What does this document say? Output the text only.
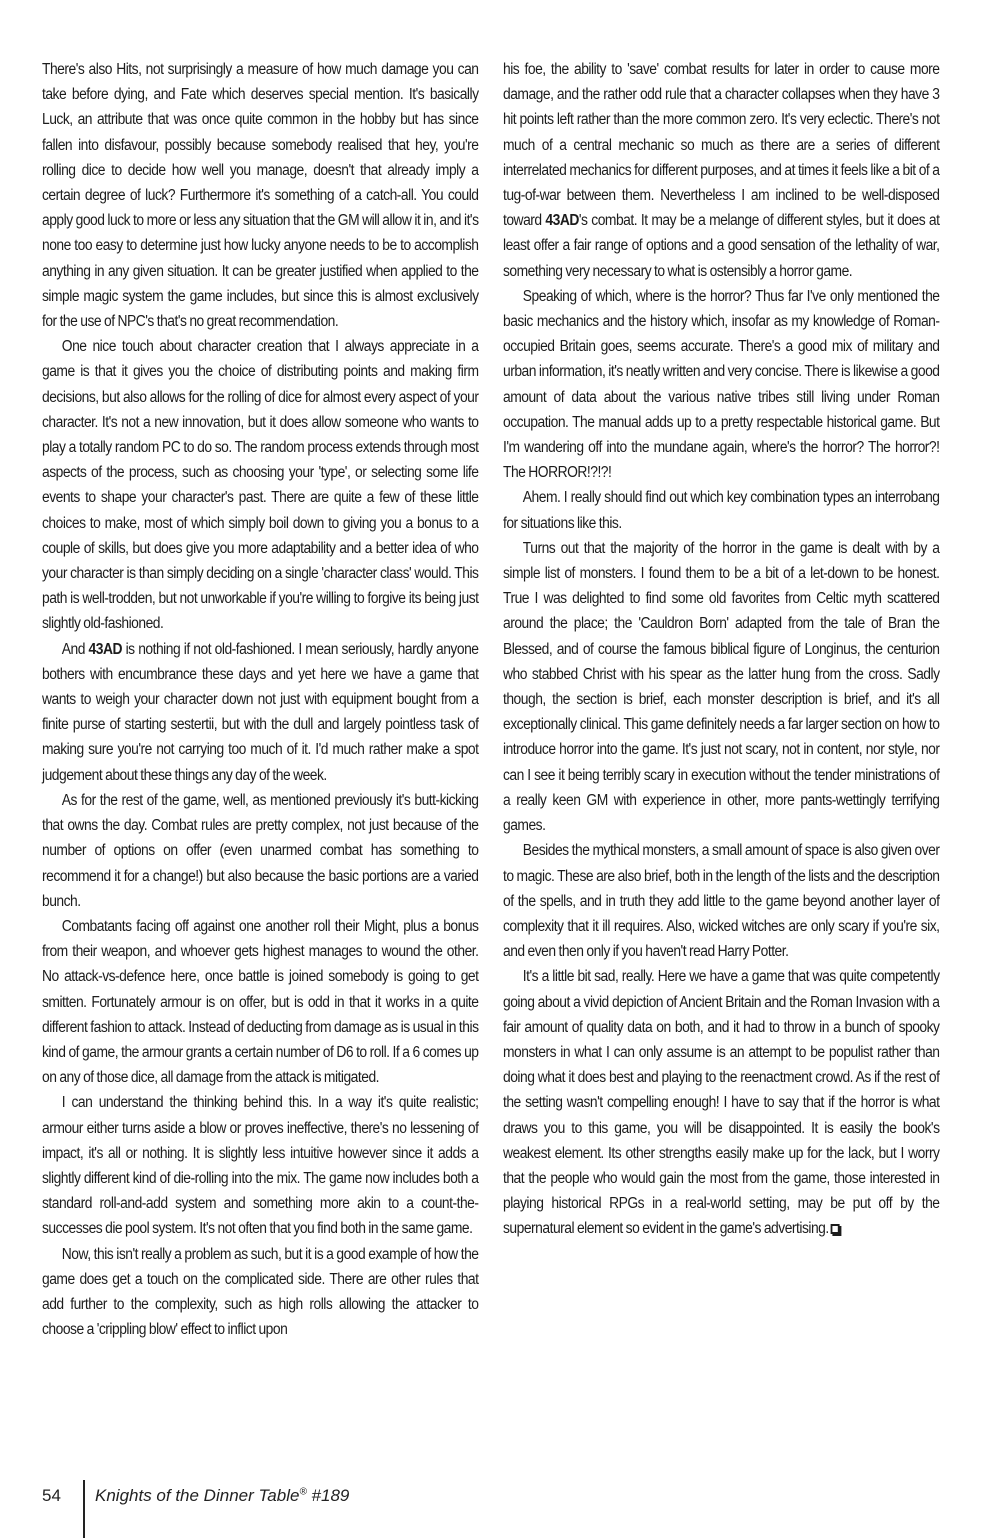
There's also Hits, not surprisingly a measure of how much damage you can take before dying, and Fate which deserves special mention. It's basically Luck, an attribute that was once quite common in the hobby but has since fallen into disfavour, possibly because somebody realised that hey, you're rolling dice to decide how well you manage, doesn't that already imply a certain degree of luck? Furthermore it's something of a catch-all. You could apply good luck to more or less any situation that the GM will allow it in, and it's none too easy to determine just how lucky anyone needs to be to accomplish anything in any given situation. It can be greater justified when applied to the simple magic system the game includes, but since this is almost exclusively for the use of NPC's that's no great recommendation.

One nice touch about character creation that I always appreciate in a game is that it gives you the choice of distributing points and making firm decisions, but also allows for the rolling of dice for almost every aspect of your character. It's not a new innovation, but it does allow someone who wants to play a totally random PC to do so. The random process extends through most aspects of the process, such as choosing your 'type', or selecting some life events to shape your character's past. There are quite a few of these little choices to make, most of which simply boil down to giving you a bonus to a couple of skills, but does give you more adaptability and a better idea of who your character is than simply deciding on a single 'character class' would. This path is well-trodden, but not unworkable if you're willing to forgive its being just slightly old-fashioned.

And 43AD is nothing if not old-fashioned. I mean seriously, hardly anyone bothers with encumbrance these days and yet here we have a game that wants to weigh your character down not just with equipment bought from a finite purse of starting sestertii, but with the dull and largely pointless task of making sure you're not carrying too much of it. I'd much rather make a spot judgement about these things any day of the week.

As for the rest of the game, well, as mentioned previously it's butt-kicking that owns the day. Combat rules are pretty complex, not just because of the number of options on offer (even unarmed combat has something to recommend it for a change!) but also because the basic portions are a varied bunch.

Combatants facing off against one another roll their Might, plus a bonus from their weapon, and whoever gets highest manages to wound the other. No attack-vs-defence here, once battle is joined somebody is going to get smitten. Fortunately armour is on offer, but is odd in that it works in a quite different fashion to attack. Instead of deducting from damage as is usual in this kind of game, the armour grants a certain number of D6 to roll. If a 6 comes up on any of those dice, all damage from the attack is mitigated.

I can understand the thinking behind this. In a way it's quite realistic; armour either turns aside a blow or proves ineffective, there's no lessening of impact, it's all or nothing. It is slightly less intuitive however since it adds a slightly different kind of die-rolling into the mix. The game now includes both a standard roll-and-add system and something more akin to a count-the-successes die pool system. It's not often that you find both in the same game.

Now, this isn't really a problem as such, but it is a good example of how the game does get a touch on the complicated side. There are other rules that add further to the complexity, such as high rolls allowing the attacker to choose a 'crippling blow' effect to inflict upon

his foe, the ability to 'save' combat results for later in order to cause more damage, and the rather odd rule that a character collapses when they have 3 hit points left rather than the more common zero. It's very eclectic. There's not much of a central mechanic so much as there are a series of different interrelated mechanics for different purposes, and at times it feels like a bit of a tug-of-war between them. Nevertheless I am inclined to be well-disposed toward 43AD's combat. It may be a melange of different styles, but it does at least offer a fair range of options and a good sensation of the lethality of war, something very necessary to what is ostensibly a horror game.

Speaking of which, where is the horror? Thus far I've only mentioned the basic mechanics and the history which, insofar as my knowledge of Roman-occupied Britain goes, seems accurate. There's a good mix of military and urban information, it's neatly written and very concise. There is likewise a good amount of data about the various native tribes still living under Roman occupation. The manual adds up to a pretty respectable historical game. But I'm wandering off into the mundane again, where's the horror? The horror?! The HORROR!?!?!

Ahem. I really should find out which key combination types an interrobang for situations like this.

Turns out that the majority of the horror in the game is dealt with by a simple list of monsters. I found them to be a bit of a let-down to be honest. True I was delighted to find some old favorites from Celtic myth scattered around the place; the 'Cauldron Born' adapted from the tale of Bran the Blessed, and of course the famous biblical figure of Longinus, the centurion who stabbed Christ with his spear as the latter hung from the cross. Sadly though, the section is brief, each monster description is brief, and it's all exceptionally clinical. This game definitely needs a far larger section on how to introduce horror into the game. It's just not scary, not in content, nor style, nor can I see it being terribly scary in execution without the tender ministrations of a really keen GM with experience in other, more pants-wettingly terrifying games.

Besides the mythical monsters, a small amount of space is also given over to magic. These are also brief, both in the length of the lists and the description of the spells, and in truth they add little to the game beyond another layer of complexity that it ill requires. Also, wicked witches are only scary if you're six, and even then only if you haven't read Harry Potter.

It's a little bit sad, really. Here we have a game that was quite competently going about a vivid depiction of Ancient Britain and the Roman Invasion with a fair amount of quality data on both, and it had to throw in a bunch of spooky monsters in what I can only assume is an attempt to be populist rather than doing what it does best and playing to the reenactment crowd. As if the rest of the setting wasn't compelling enough! I have to say that if the horror is what draws you to this game, you will be disappointed. It is easily the book's weakest element. Its other strengths easily make up for the lack, but I worry that the people who would gain the most from the game, those interested in playing historical RPGs in a real-world setting, may be put off by the supernatural element so evident in the game's advertising.

54 Knights of the Dinner Table® #189
